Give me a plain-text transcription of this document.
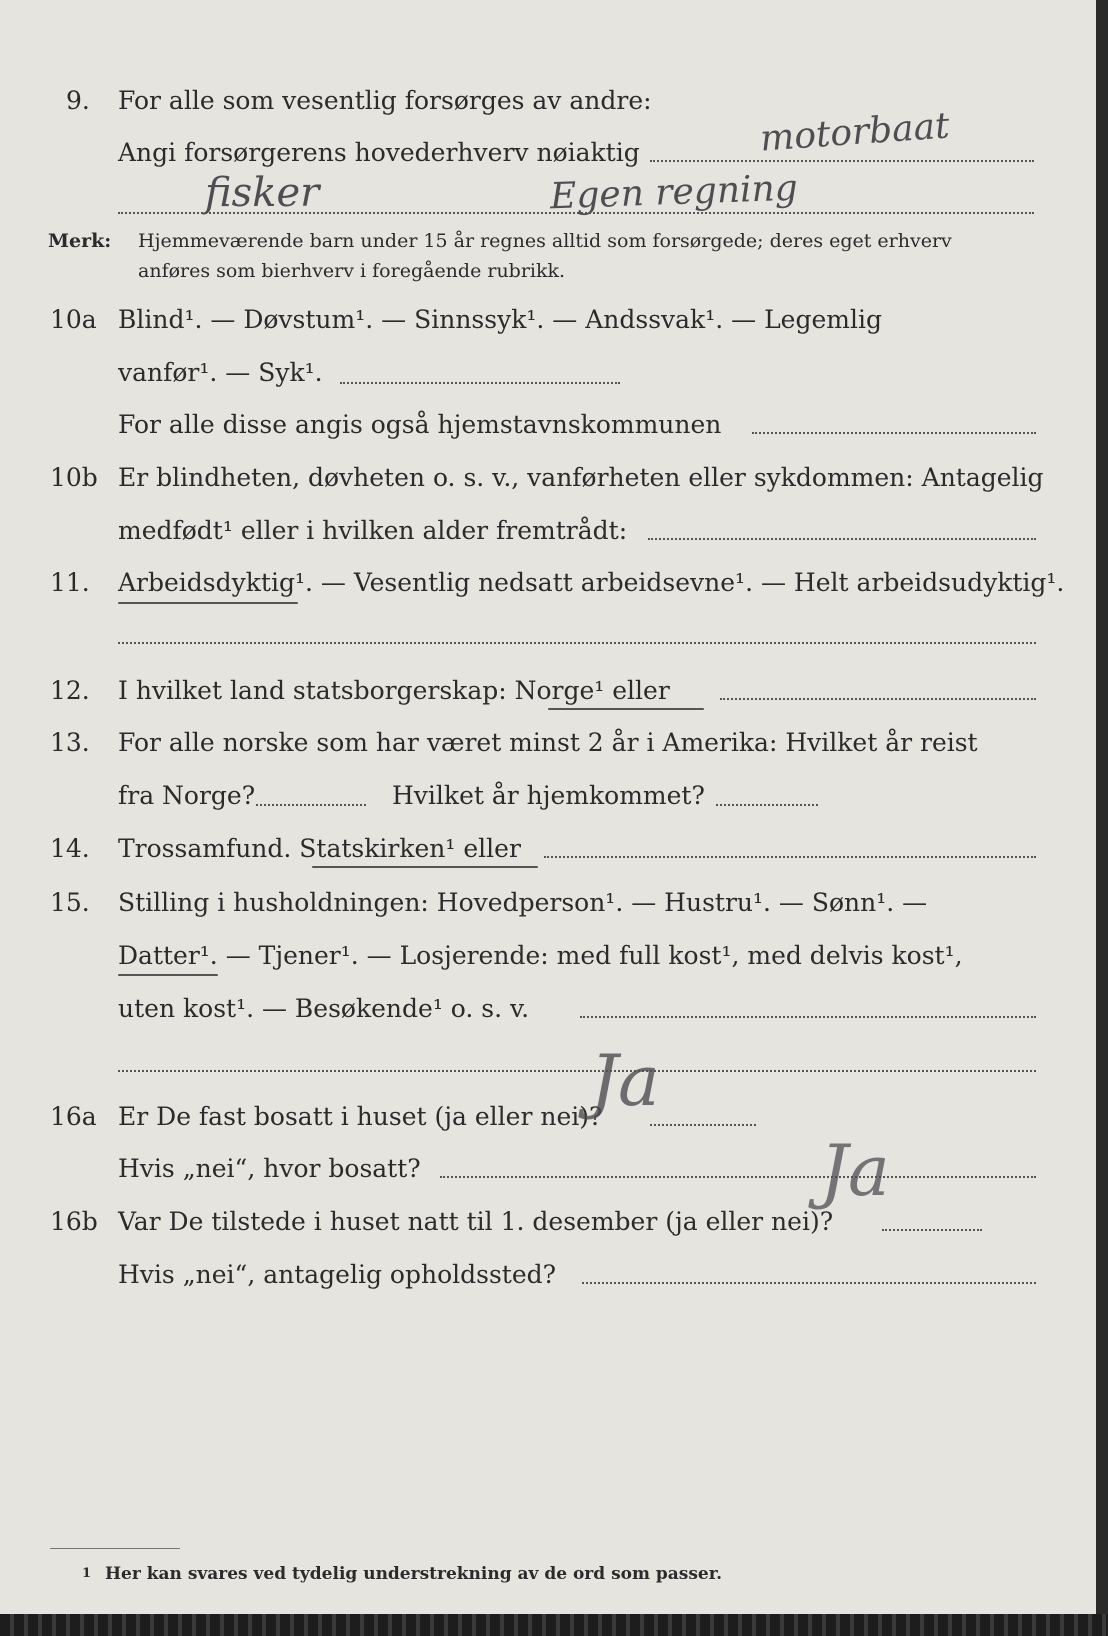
9. For alle som vesentlig forsørges av andre:
Angi forsørgerens hovederhverv nøiaktig	motorbaat
fisker	Egen regning
Merk: Hjemmeværende barn under 15 år regnes alltid som forsørgede; deres eget erhverv
anføres som bierhverv i foregående rubrikk.
10a Blind¹. — Døvstum¹. — Sinnssyk¹. — Andssvak¹. — Legemlig
vanfør¹. — Syk¹.
For alle disse angis også hjemstavnskommunen
10b Er blindheten, døvheten o. s. v., vanførheten eller sykdommen: Antagelig
medfødt¹ eller i hvilken alder fremtrådt:
11. Arbeidsdyktig¹. — Vesentlig nedsatt arbeidsevne¹. — Helt arbeidsudyktig¹.
12. I hvilket land statsborgerskap: Norge¹ eller
13. For alle norske som har været minst 2 år i Amerika: Hvilket år reist
fra Norge?	Hvilket år hjemkommet?
14. Trossamfund. Statskirken¹ eller
15. Stilling i husholdningen: Hovedperson¹. — Hustru¹. — Sønn¹. —
Datter¹. — Tjener¹. — Losjerende: med full kost¹, med delvis kost¹,
uten kost¹. — Besøkende¹ o. s. v.
16a Er De fast bosatt i huset (ja eller nei)?
Ja
Hvis „nei“, hvor bosatt?
16b Var De tilstede i huset natt til 1. desember (ja eller nei)?
Ja
Hvis „nei“, antagelig opholdssted?
1 Her kan svares ved tydelig understrekning av de ord som passer.
